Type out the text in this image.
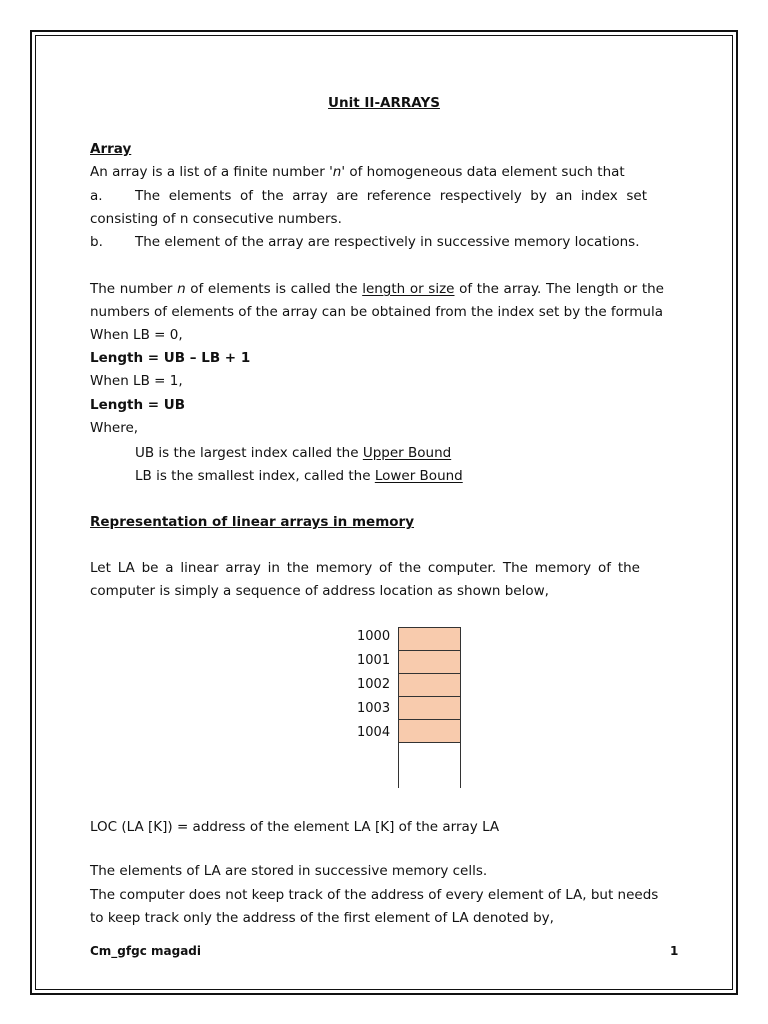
Unit II-ARRAYS
Array
An array is a list of a finite number 'n' of homogeneous data element such that
a. The elements of the array are reference respectively by an index set
consisting of n consecutive numbers.
b. The element of the array are respectively in successive memory locations.
The number n of elements is called the length or size of the array. The length or the
numbers of elements of the array can be obtained from the index set by the formula
When LB = 0,
Length = UB – LB + 1
When LB = 1,
Length = UB
Where,
UB is the largest index called the Upper Bound
LB is the smallest index, called the Lower Bound
Representation of linear arrays in memory
Let LA be a linear array in the memory of the computer. The memory of the
computer is simply a sequence of address location as shown below,
1000
1001
1002
1003
1004
LOC (LA [K]) = address of the element LA [K] of the array LA
The elements of LA are stored in successive memory cells.
The computer does not keep track of the address of every element of LA, but needs
to keep track only the address of the first element of LA denoted by,
Cm_gfgc magadi	1
